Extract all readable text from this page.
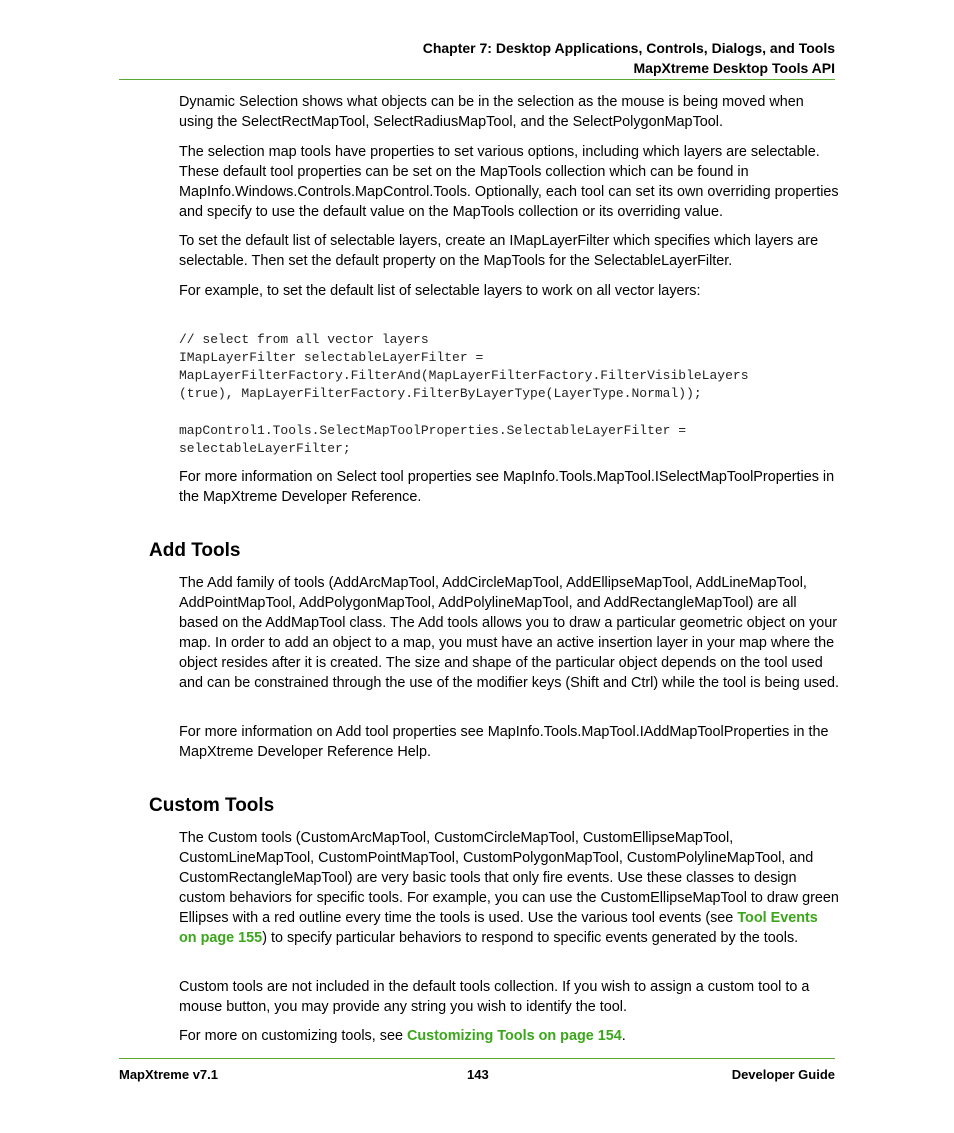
Chapter 7: Desktop Applications, Controls, Dialogs, and Tools
MapXtreme Desktop Tools API

Dynamic Selection shows what objects can be in the selection as the mouse is being moved when using the SelectRectMapTool, SelectRadiusMapTool, and the SelectPolygonMapTool.

The selection map tools have properties to set various options, including which layers are selectable. These default tool properties can be set on the MapTools collection which can be found in MapInfo.Windows.Controls.MapControl.Tools. Optionally, each tool can set its own overriding properties and specify to use the default value on the MapTools collection or its overriding value.

To set the default list of selectable layers, create an IMapLayerFilter which specifies which layers are selectable. Then set the default property on the MapTools for the SelectableLayerFilter.

For example, to set the default list of selectable layers to work on all vector layers:

// select from all vector layers
IMapLayerFilter selectableLayerFilter =
MapLayerFilterFactory.FilterAnd(MapLayerFilterFactory.FilterVisibleLayers
(true), MapLayerFilterFactory.FilterByLayerType(LayerType.Normal));
mapControl1.Tools.SelectMapToolProperties.SelectableLayerFilter =
selectableLayerFilter;

For more information on Select tool properties see MapInfo.Tools.MapTool.ISelectMapToolProperties in the MapXtreme Developer Reference.

Add Tools

The Add family of tools (AddArcMapTool, AddCircleMapTool, AddEllipseMapTool, AddLineMapTool, AddPointMapTool, AddPolygonMapTool, AddPolylineMapTool, and AddRectangleMapTool) are all based on the AddMapTool class. The Add tools allows you to draw a particular geometric object on your map. In order to add an object to a map, you must have an active insertion layer in your map where the object resides after it is created. The size and shape of the particular object depends on the tool used and can be constrained through the use of the modifier keys (Shift and Ctrl) while the tool is being used.

For more information on Add tool properties see MapInfo.Tools.MapTool.IAddMapToolProperties in the MapXtreme Developer Reference Help.

Custom Tools

The Custom tools (CustomArcMapTool, CustomCircleMapTool, CustomEllipseMapTool, CustomLineMapTool, CustomPointMapTool, CustomPolygonMapTool, CustomPolylineMapTool, and CustomRectangleMapTool) are very basic tools that only fire events. Use these classes to design custom behaviors for specific tools. For example, you can use the CustomEllipseMapTool to draw green Ellipses with a red outline every time the tools is used. Use the various tool events (see Tool Events on page 155) to specify particular behaviors to respond to specific events generated by the tools.

Custom tools are not included in the default tools collection. If you wish to assign a custom tool to a mouse button, you may provide any string you wish to identify the tool.

For more on customizing tools, see Customizing Tools on page 154.

MapXtreme v7.1	143	Developer Guide
